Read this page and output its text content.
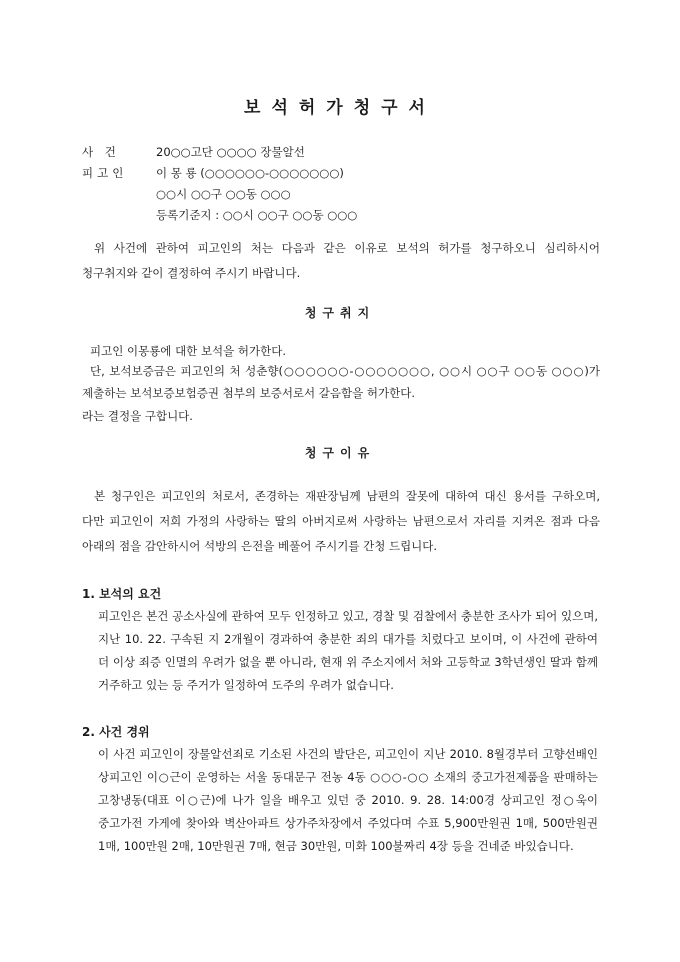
보석허가청구서
사 건	20○○고단 ○○○○ 장물알선
피고인	이 몽 룡 (○○○○○○-○○○○○○○)
○○시 ○○구 ○○동 ○○○
등록기준지 : ○○시 ○○구 ○○동 ○○○

위 사건에 관하여 피고인의 처는 다음과 같은 이유로 보석의 허가를 청구하오니 심리하시어 청구취지와 같이 결정하여 주시기 바랍니다.

청구취지

피고인 이몽룡에 대한 보석을 허가한다.

단, 보석보증금은 피고인의 처 성춘향(○○○○○○-○○○○○○○, ○○시 ○○구 ○○동 ○○○)가 제출하는 보석보증보험증권 첨부의 보증서로서 갈음함을 허가한다.

라는 결정을 구합니다.

청구이유

본 청구인은 피고인의 처로서, 존경하는 재판장님께 남편의 잘못에 대하여 대신 용서를 구하오며, 다만 피고인이 저희 가정의 사랑하는 딸의 아버지로써 사랑하는 남편으로서 자리를 지켜온 점과 다음 아래의 점을 감안하시어 석방의 은전을 베풀어 주시기를 간청 드립니다.

1. 보석의 요건

피고인은 본건 공소사실에 관하여 모두 인정하고 있고, 경찰 및 검찰에서 충분한 조사가 되어 있으며, 지난 10. 22. 구속된 지 2개월이 경과하여 충분한 죄의 대가를 치렀다고 보이며, 이 사건에 관하여 더 이상 죄증 인멸의 우려가 없을 뿐 아니라, 현재 위 주소지에서 처와 고등학교 3학년생인 딸과 함께 거주하고 있는 등 주거가 일정하여 도주의 우려가 없습니다.

2. 사건 경위

이 사건 피고인이 장물알선죄로 기소된 사건의 발단은, 피고인이 지난 2010. 8월경부터 고향선배인 상피고인 이○근이 운영하는 서울 동대문구 전농 4동 ○○○-○○ 소재의 중고가전제품을 판매하는 고창냉동(대표 이○근)에 나가 일을 배우고 있던 중 2010. 9. 28. 14:00경 상피고인 정○욱이 중고가전 가게에 찾아와 벽산아파트 상가주차장에서 주었다며 수표 5,900만원권 1매, 500만원권 1매, 100만원 2매, 10만원권 7매, 현금 30만원, 미화 100불짜리 4장 등을 건네준 바있습니다.
